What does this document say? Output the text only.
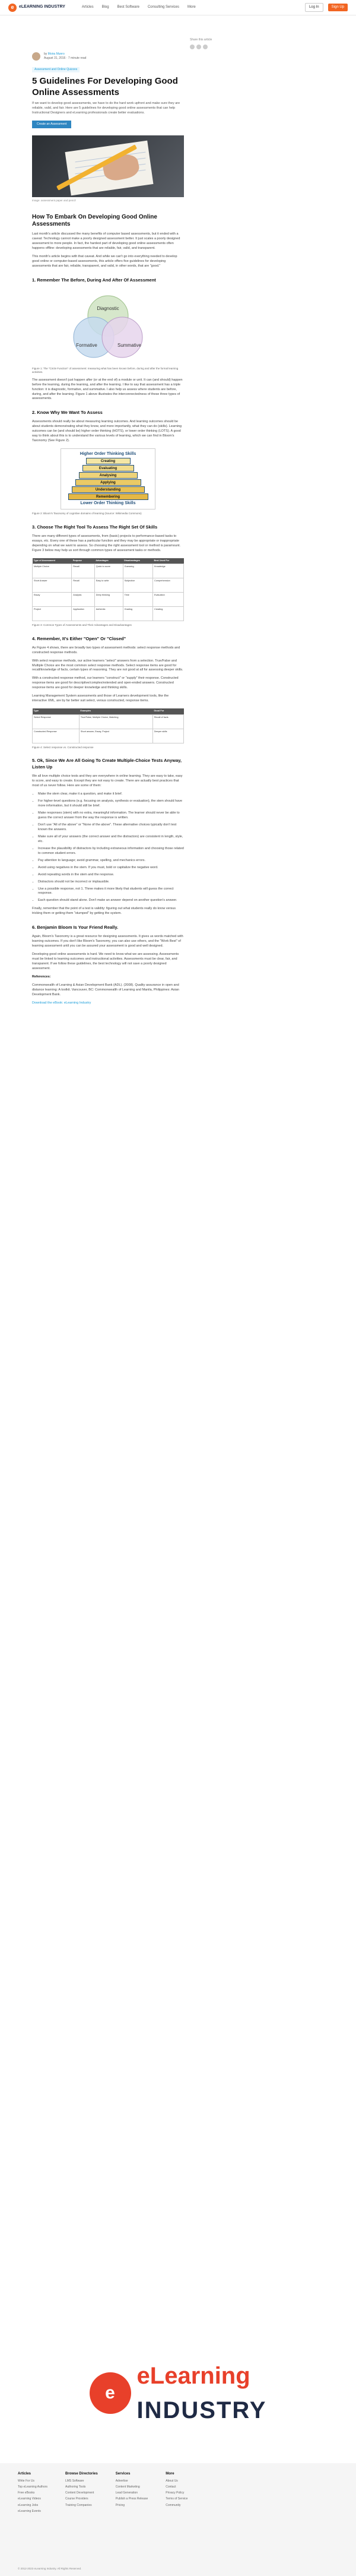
e	eLEARNING INDUSTRY	Articles Blog Best Software Consulting Services More	Log In	Sign Up
Share this article
by Moira Munro
August 31, 2016 · 7 minute read
Assessment and Online Quizzes
5 Guidelines For Developing Good Online Assessments

If we want to develop good assessments, we have to do the hard work upfront and make sure they are reliable, valid, and fair. Here are 5 guidelines for developing good online assessments that can help Instructional Designers and eLearning professionals create better evaluations.

Create an Assessment
Image: assessment paper and pencil
How To Embark On Developing Good Online Assessments

Last month's article discussed the many benefits of computer based assessments, but it ended with a caveat: Technology cannot make a poorly designed assessment better. It just scales a poorly designed assessment to more people. In fact, the hardest part of developing good online assessments often happens offline: developing assessments that are reliable, fair, valid, and transparent.

This month's article begins with that caveat. And while we can't go into everything needed to develop good online or computer-based assessments, this article offers five guidelines for developing assessments that are fair, reliable, transparent, and valid, in other words, that are "good."

1. Remember The Before, During And After Of Assessment
Diagnostic
Formative	Summative
Figure 1: The "Circle Function" of assessment: measuring what has been known before, during and after the formal learning activities.

The assessment doesn't just happen after (or at the end of) a module or unit. It can (and should) happen before the learning, during the learning, and after the learning. I like to say that assessment has a triple function: it is diagnostic, formative, and summative. I also help us assess where students are before, during, and after the learning. Figure 1 above illustrates the interconnectedness of these three types of assessments.

2. Know Why We Want To Assess

Assessments should really be about measuring learning outcomes. And learning outcomes should be about students demonstrating what they know, and more importantly, what they can do (skills). Learning outcomes can be (and should be) higher order thinking (HOTS), or lower order thinking (LOTS). A good way to think about this is to understand the various levels of learning, which we can find in Bloom's Taxonomy (See Figure 2).

Higher Order Thinking Skills
Creating
Evaluating
Analysing
Applying
Understanding
Remembering
Lower Order Thinking Skills
Figure 2: Bloom's Taxonomy of cognitive domains of learning (Source: Wikimedia Commons)
3. Choose The Right Tool To Assess The Right Set Of Skills

There are many different types of assessments, from (basic) projects to performance-based tasks to essays, etc. Every one of these has a particular function and they may be appropriate or inappropriate depending on what we want to assess. So choosing the right assessment tool or method is paramount. Figure 3 below may help us sort through common types of assessment tasks or methods.

Type of Assessment	Purpose	Advantages	Disadvantages	Best Used For
Multiple Choice	Recall	Quick to score	Guessing	Knowledge
Short Answer	Recall	Easy to write	Subjective	Comprehension
Essay	Analysis	Deep thinking	Time	Evaluation
Project	Application	Authentic	Grading	Creating
Figure 3: Common Types of Assessments and Their Advantages and Disadvantages
4. Remember, It's Either "Open" Or "Closed"

As Figure 4 shows, there are broadly two types of assessment methods: select response methods and constructed response methods.

With select response methods, our active learners "select" answers from a selection. True/False and Multiple Choice are the most common select response methods. Select response items are good for recall/knowledge of facts, certain types of reasoning. They are not good at all for assessing deeper skills.

With a constructed response method, our learners "construct" or "supply" their response. Constructed response items are good for descriptive/complex/extended and open-ended answers. Constructed response items are good for deeper knowledge and thinking skills.

Learning Management System assessments and those of Learners development tools, like the interactive XML, are by far better suit select, versus constructed, response items.

Type	Examples	Good For
Select Response	True/False, Multiple Choice, Matching	Recall of facts
Constructed Response	Short answer, Essay, Project	Deeper skills
Figure 4: Select response vs. Constructed response
5. Ok, Since We Are All Going To Create Multiple-Choice Tests Anyway, Listen Up

We all love multiple choice tests and they are everywhere in online learning. They are easy to take, easy to score, and easy to create. Except they are not easy to create. There are actually best practices that most of us never follow. Here are some of them:

• Make the stem clear, make it a question, and make it brief.
• For higher-level questions (e.g. focusing on analysis, synthesis or evaluation), the stem should have more information, but it should still be brief.
• Make responses (stem) with no extra, meaningful information. The learner should never be able to guess the correct answer from the way the response is written.
• Don't use "All of the above" or "None of the above". These alternative choices typically don't test known the answers.
• Make sure all of your answers (the correct answer and the distractors) are consistent in length, style, etc.
• Increase the plausibility of distractors by including extraneous information and choosing those related to common student errors.
• Pay attention to language; avoid grammar, spelling, and mechanics errors.
• Avoid using negatives in the stem. If you must, bold or capitalize the negative word.
• Avoid repeating words in the stem and the response.
• Distractors should not be incorrect or implausible.
• Use a possible response, not 1. Three makes it more likely that students will guess the correct response.
• Each question should stand alone. Don't make an answer depend on another question's answer.

Finally, remember that the point of a test is validity: figuring out what students really do know versus tricking them or getting them "stumped" by getting the system.

6. Benjamin Bloom Is Your Friend Really.

Again, Bloom's Taxonomy is a great resource for designing assessments. It gives us words matched with learning outcomes. If you don't like Bloom's Taxonomy, you can also use others, and the "Work Best" of learning assessment until you can be assured your assessment is good and well designed.

Developing good online assessments is hard. We need to know what we are assessing. Assessments must be linked to learning outcomes and instructional activities. Assessments must be clear, fair, and transparent. If we follow these guidelines, the best technology will not save a poorly designed assessment.

References:

Commonwealth of Learning & Asian Development Bank (ADL). (2008). Quality assurance in open and distance learning: A toolkit. Vancouver, BC: Commonwealth of Learning and Manila, Philippines: Asian Development Bank.

Download the eBook: eLearning Industry

e
eLearning
INDUSTRY
Articles
Write For Us
Top eLearning Authors
Free eBooks
eLearning Videos
eLearning Jobs
eLearning Events
Browse Directories
LMS Software
Authoring Tools
Content Development
Course Providers
Training Companies
Services
Advertise
Content Marketing
Lead Generation
Publish a Press Release
Pricing
More
About Us
Contact
Privacy Policy
Terms of Service
Community
© 2012-2023 eLearning Industry. All Rights Reserved.
